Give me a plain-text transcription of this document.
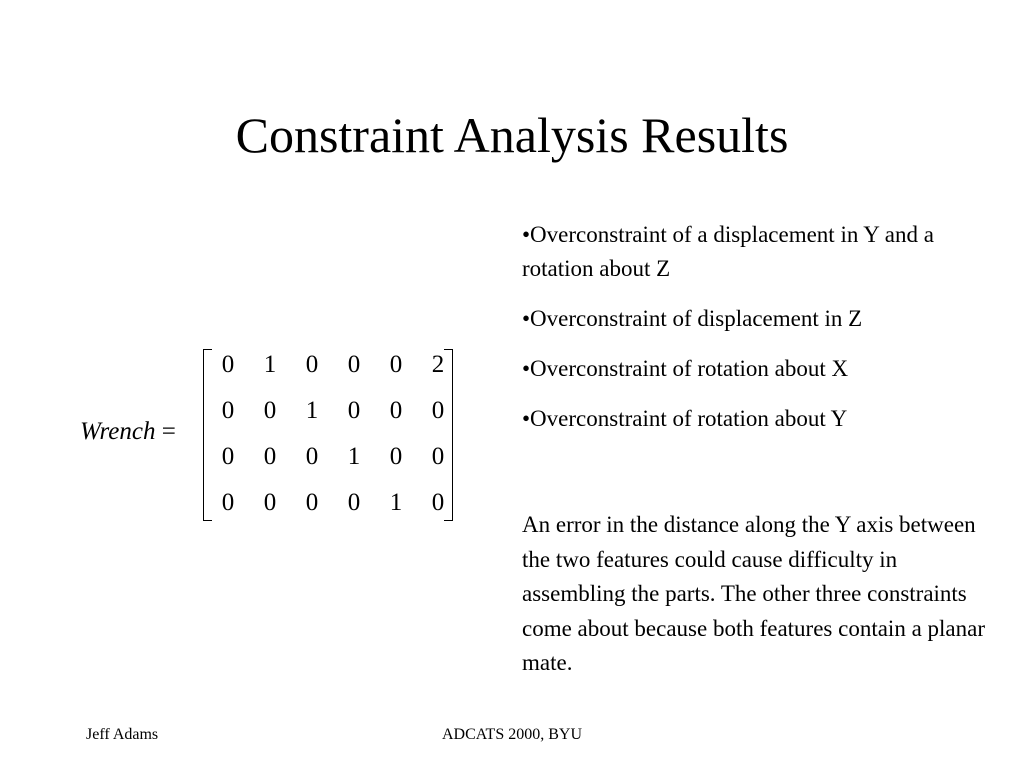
Constraint Analysis Results
Wrench =
0	1	0	0	0	2
0	0	1	0	0	0
0	0	0	1	0	0
0	0	0	0	1	0
•Overconstraint of a displacement in Y and a rotation about Z
•Overconstraint of displacement in Z
•Overconstraint of rotation about X
•Overconstraint of rotation about Y

An error in the distance along the Y axis between the two features could cause difficulty in assembling the parts. The other three constraints come about because both features contain a planar mate.

Jeff Adams	ADCATS 2000, BYU
